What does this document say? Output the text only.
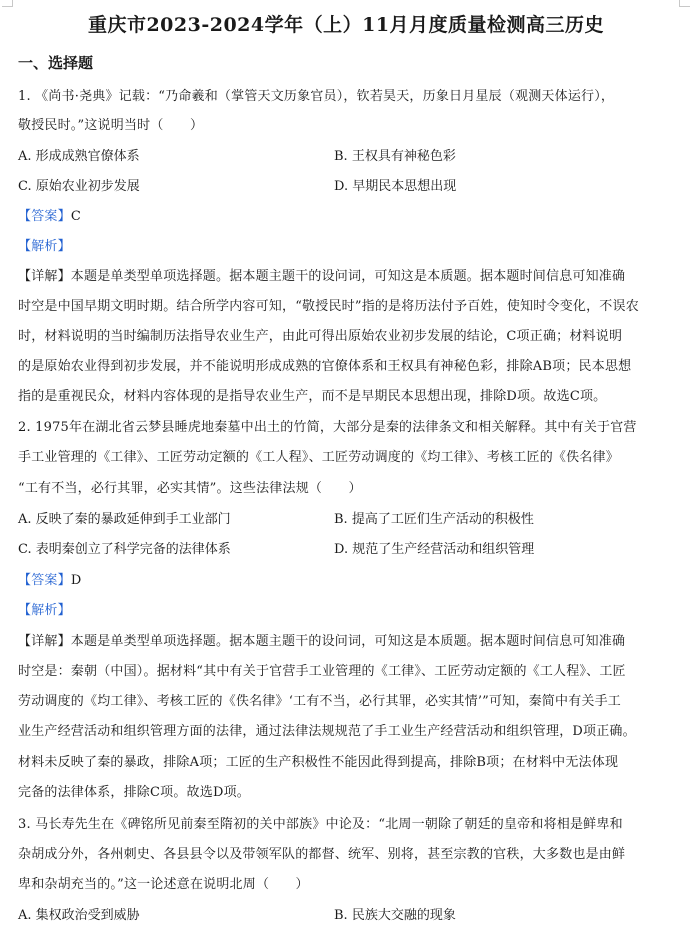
重庆市2023-2024学年（上）11月月度质量检测高三历史
一、选择题
1. 《尚书·尧典》记载：“乃命羲和（掌管天文历象官员），钦若昊天，历象日月星辰（观测天体运行），
敬授民时。”这说明当时（　　）
A. 形成成熟官僚体系	B. 王权具有神秘色彩
C. 原始农业初步发展	D. 早期民本思想出现
【答案】C
【解析】
【详解】本题是单类型单项选择题。据本题主题干的设问词，可知这是本质题。据本题时间信息可知准确
时空是中国早期文明时期。结合所学内容可知，“敬授民时”指的是将历法付予百姓，使知时令变化，不误农
时，材料说明的当时编制历法指导农业生产，由此可得出原始农业初步发展的结论，C项正确；材料说明
的是原始农业得到初步发展，并不能说明形成成熟的官僚体系和王权具有神秘色彩，排除AB项；民本思想
指的是重视民众，材料内容体现的是指导农业生产，而不是早期民本思想出现，排除D项。故选C项。
2. 1975年在湖北省云梦县睡虎地秦墓中出土的竹简，大部分是秦的法律条文和相关解释。其中有关于官营
手工业管理的《工律》、工匠劳动定额的《工人程》、工匠劳动调度的《均工律》、考核工匠的《佚名律》
“工有不当，必行其罪，必实其情”。这些法律法规（　　）
A. 反映了秦的暴政延伸到手工业部门	B. 提高了工匠们生产活动的积极性
C. 表明秦创立了科学完备的法律体系	D. 规范了生产经营活动和组织管理
【答案】D
【解析】
【详解】本题是单类型单项选择题。据本题主题干的设问词，可知这是本质题。据本题时间信息可知准确
时空是：秦朝（中国）。据材料“其中有关于官营手工业管理的《工律》、工匠劳动定额的《工人程》、工匠
劳动调度的《均工律》、考核工匠的《佚名律》‘工有不当，必行其罪，必实其情’”可知，秦简中有关手工
业生产经营活动和组织管理方面的法律，通过法律法规规范了手工业生产经营活动和组织管理，D项正确。
材料未反映了秦的暴政，排除A项；工匠的生产积极性不能因此得到提高，排除B项；在材料中无法体现
完备的法律体系，排除C项。故选D项。
3. 马长寿先生在《碑铭所见前秦至隋初的关中部族》中论及：“北周一朝除了朝廷的皇帝和将相是鲜卑和
杂胡成分外，各州刺史、各县县令以及带领军队的都督、统军、别将，甚至宗教的官秩，大多数也是由鲜
卑和杂胡充当的。”这一论述意在说明北周（　　）
A. 集权政治受到威胁	B. 民族大交融的现象
